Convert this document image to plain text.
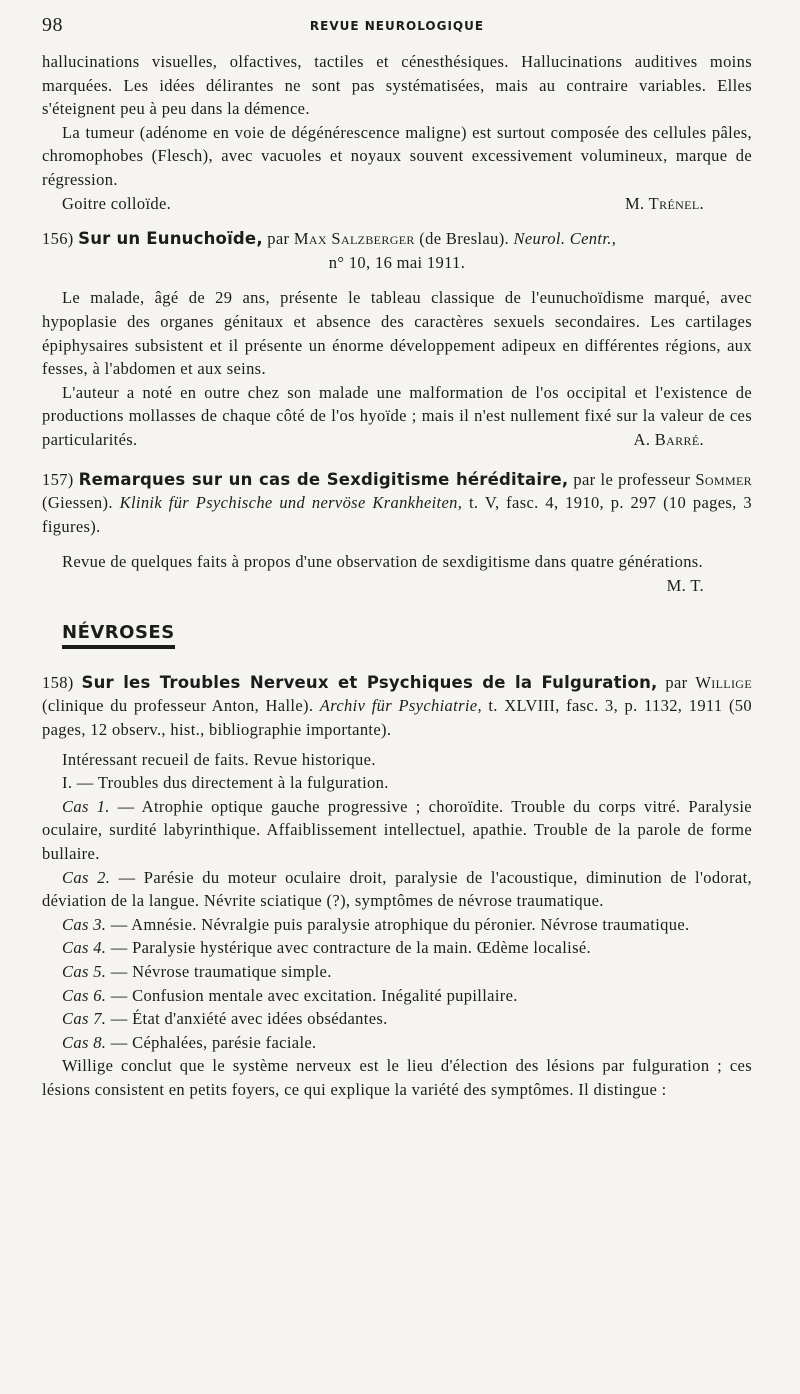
98	REVUE NEUROLOGIQUE

hallucinations visuelles, olfactives, tactiles et cénesthésiques. Hallucinations auditives moins marquées. Les idées délirantes ne sont pas systématisées, mais au contraire variables. Elles s'éteignent peu à peu dans la démence.

La tumeur (adénome en voie de dégénérescence maligne) est surtout composée des cellules pâles, chromophobes (Flesch), avec vacuoles et noyaux souvent excessivement volumineux, marque de régression.

Goitre colloïde.	M. Trénel.

156) Sur un Eunuchoïde, par Max Salzberger (de Breslau). Neurol. Centr.,
n° 10, 16 mai 1911.

Le malade, âgé de 29 ans, présente le tableau classique de l'eunuchoïdisme marqué, avec hypoplasie des organes génitaux et absence des caractères sexuels secondaires. Les cartilages épiphysaires subsistent et il présente un énorme développement adipeux en différentes régions, aux fesses, à l'abdomen et aux seins.

L'auteur a noté en outre chez son malade une malformation de l'os occipital et l'existence de productions mollasses de chaque côté de l'os hyoïde ; mais il n'est nullement fixé sur la valeur de ces particularités.	A. Barré.

157) Remarques sur un cas de Sexdigitisme héréditaire, par le professeur Sommer (Giessen). Klinik für Psychische und nervöse Krankheiten, t. V, fasc. 4, 1910, p. 297 (10 pages, 3 figures).

Revue de quelques faits à propos d'une observation de sexdigitisme dans quatre générations.
M. T.

NÉVROSES

158) Sur les Troubles Nerveux et Psychiques de la Fulguration, par Willige (clinique du professeur Anton, Halle). Archiv für Psychiatrie, t. XLVIII, fasc. 3, p. 1132, 1911 (50 pages, 12 observ., hist., bibliographie importante).

Intéressant recueil de faits. Revue historique.

I. — Troubles dus directement à la fulguration.

Cas 1. — Atrophie optique gauche progressive ; choroïdite. Trouble du corps vitré. Paralysie oculaire, surdité labyrinthique. Affaiblissement intellectuel, apathie. Trouble de la parole de forme bullaire.

Cas 2. — Parésie du moteur oculaire droit, paralysie de l'acoustique, diminution de l'odorat, déviation de la langue. Névrite sciatique (?), symptômes de névrose traumatique.

Cas 3. — Amnésie. Névralgie puis paralysie atrophique du péronier. Névrose traumatique.

Cas 4. — Paralysie hystérique avec contracture de la main. Œdème localisé.

Cas 5. — Névrose traumatique simple.

Cas 6. — Confusion mentale avec excitation. Inégalité pupillaire.

Cas 7. — État d'anxiété avec idées obsédantes.

Cas 8. — Céphalées, parésie faciale.

Willige conclut que le système nerveux est le lieu d'élection des lésions par fulguration ; ces lésions consistent en petits foyers, ce qui explique la variété des symptômes. Il distingue :
